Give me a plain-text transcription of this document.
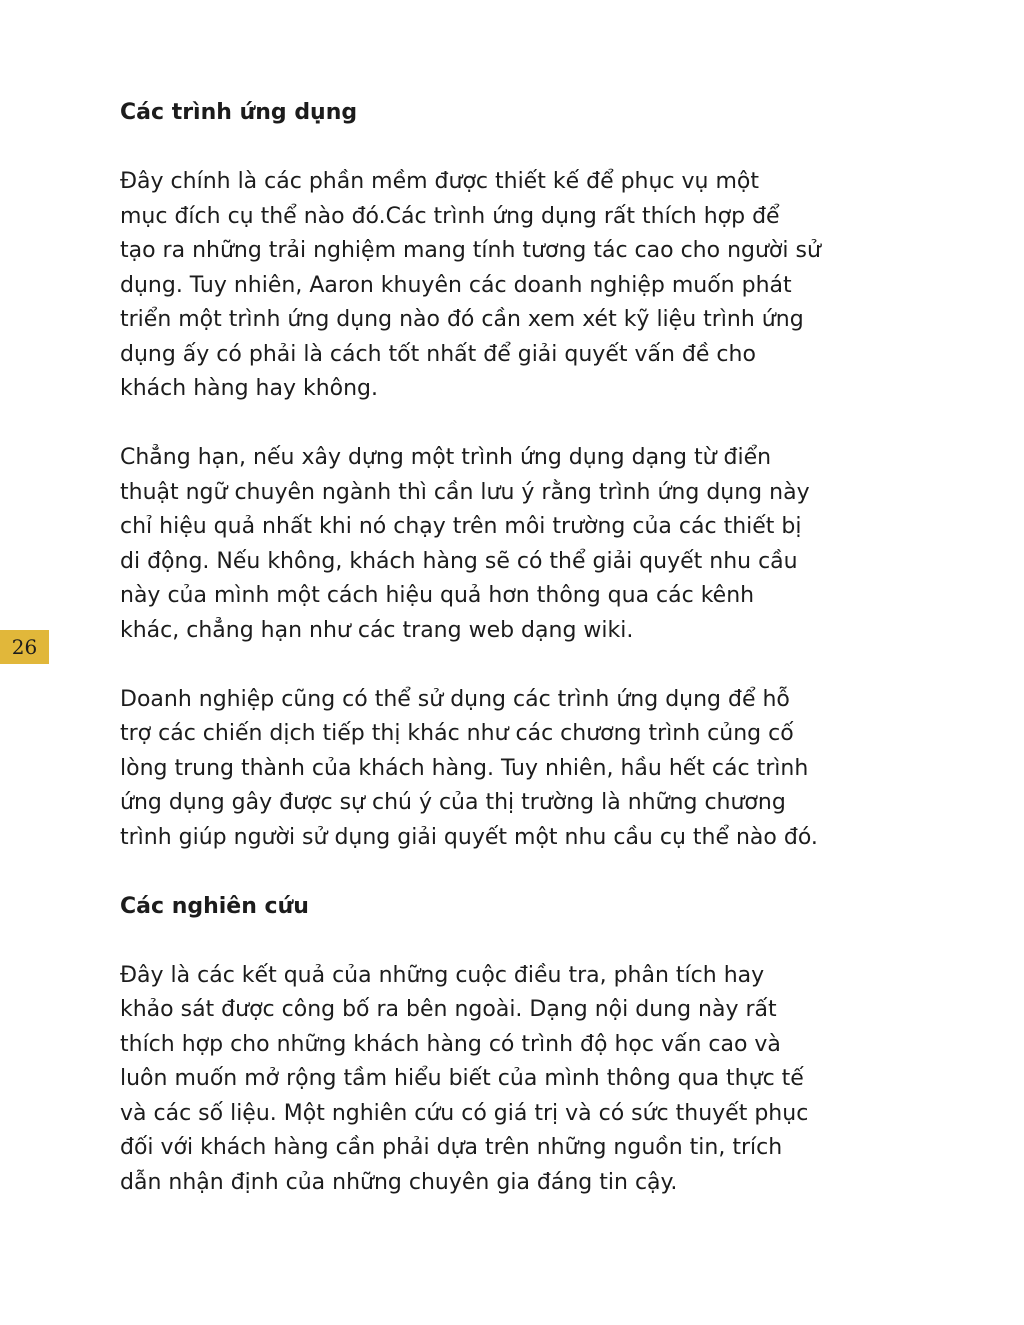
26
Các trình ứng dụng

Đây chính là các phần mềm được thiết kế để phục vụ một
mục đích cụ thể nào đó.Các trình ứng dụng rất thích hợp để
tạo ra những trải nghiệm mang tính tương tác cao cho người sử
dụng. Tuy nhiên, Aaron khuyên các doanh nghiệp muốn phát
triển một trình ứng dụng nào đó cần xem xét kỹ liệu trình ứng
dụng ấy có phải là cách tốt nhất để giải quyết vấn đề cho
khách hàng hay không.

Chẳng hạn, nếu xây dựng một trình ứng dụng dạng từ điển
thuật ngữ chuyên ngành thì cần lưu ý rằng trình ứng dụng này
chỉ hiệu quả nhất khi nó chạy trên môi trường của các thiết bị
di động. Nếu không, khách hàng sẽ có thể giải quyết nhu cầu
này của mình một cách hiệu quả hơn thông qua các kênh
khác, chẳng hạn như các trang web dạng wiki.

Doanh nghiệp cũng có thể sử dụng các trình ứng dụng để hỗ
trợ các chiến dịch tiếp thị khác như các chương trình củng cố
lòng trung thành của khách hàng. Tuy nhiên, hầu hết các trình
ứng dụng gây được sự chú ý của thị trường là những chương
trình giúp người sử dụng giải quyết một nhu cầu cụ thể nào đó.

Các nghiên cứu

Đây là các kết quả của những cuộc điều tra, phân tích hay
khảo sát được công bố ra bên ngoài. Dạng nội dung này rất
thích hợp cho những khách hàng có trình độ học vấn cao và
luôn muốn mở rộng tầm hiểu biết của mình thông qua thực tế
và các số liệu. Một nghiên cứu có giá trị và có sức thuyết phục
đối với khách hàng cần phải dựa trên những nguồn tin, trích
dẫn nhận định của những chuyên gia đáng tin cậy.
